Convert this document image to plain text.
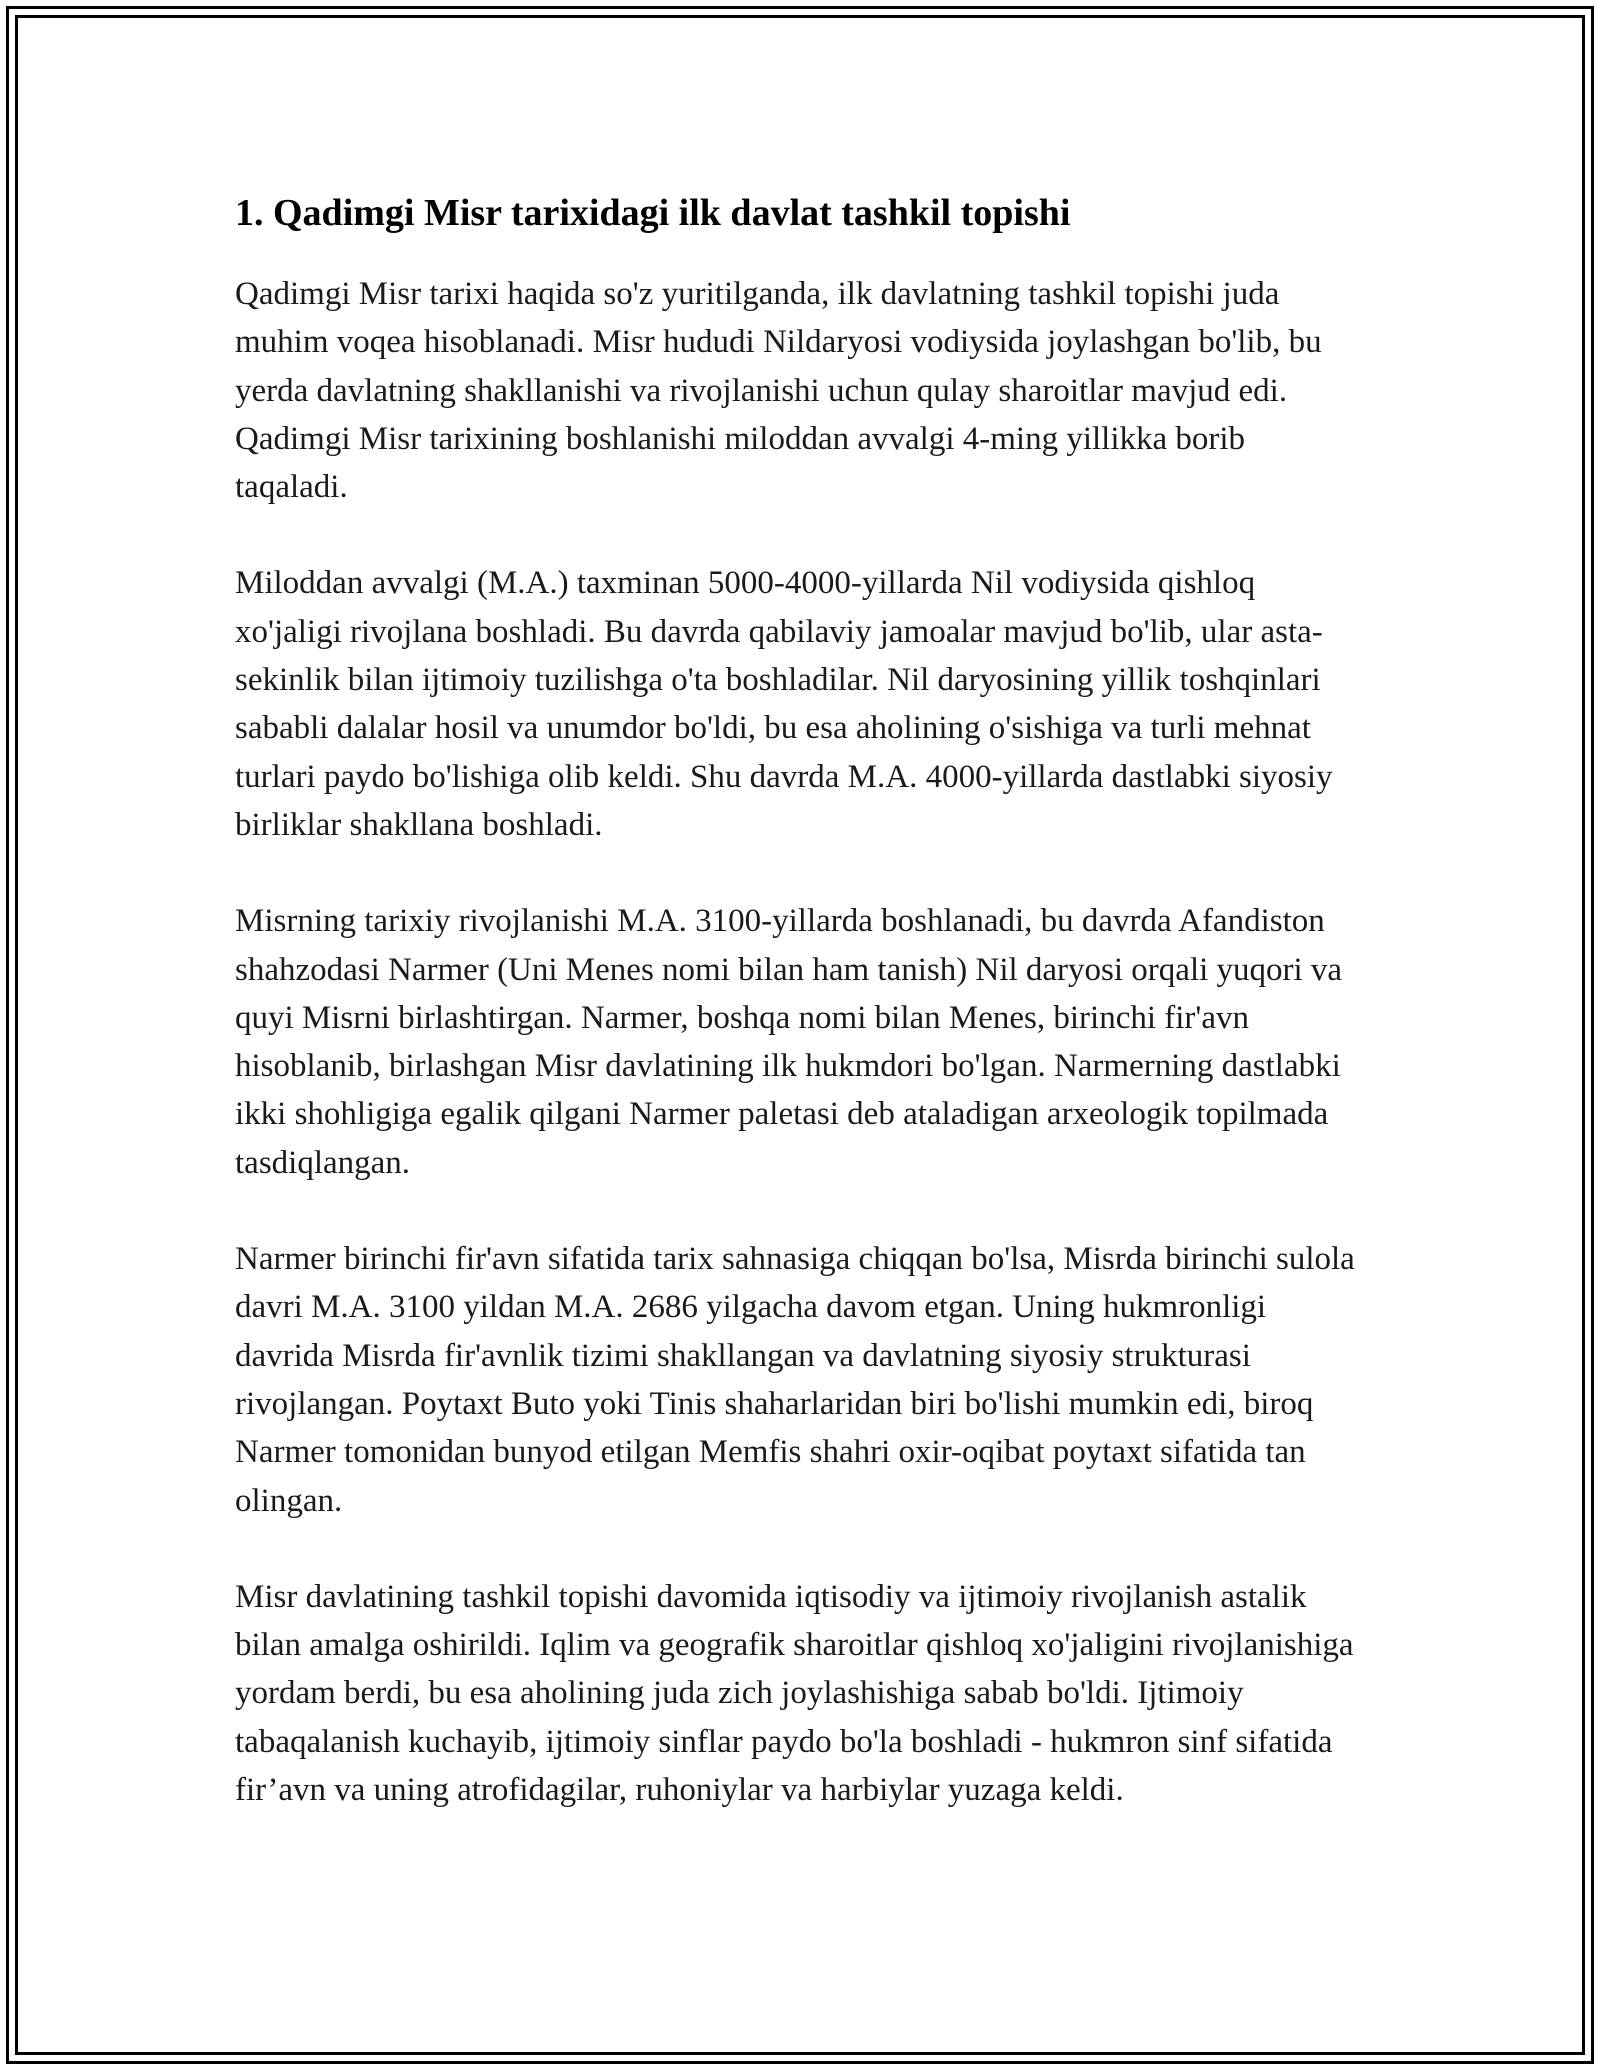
1. Qadimgi Misr tarixidagi ilk davlat tashkil topishi

Qadimgi Misr tarixi haqida so'z yuritilganda, ilk davlatning tashkil topishi juda muhim voqea hisoblanadi. Misr hududi Nildaryosi vodiysida joylashgan bo'lib, bu yerda davlatning shakllanishi va rivojlanishi uchun qulay sharoitlar mavjud edi. Qadimgi Misr tarixining boshlanishi miloddan avvalgi 4-ming yillikka borib taqaladi.

Miloddan avvalgi (M.A.) taxminan 5000-4000-yillarda Nil vodiysida qishloq xo'jaligi rivojlana boshladi. Bu davrda qabilaviy jamoalar mavjud bo'lib, ular asta-sekinlik bilan ijtimoiy tuzilishga o'ta boshladilar. Nil daryosining yillik toshqinlari sababli dalalar hosil va unumdor bo'ldi, bu esa aholining o'sishiga va turli mehnat turlari paydo bo'lishiga olib keldi. Shu davrda M.A. 4000-yillarda dastlabki siyosiy birliklar shakllana boshladi.

Misrning tarixiy rivojlanishi M.A. 3100-yillarda boshlanadi, bu davrda Afandiston shahzodasi Narmer (Uni Menes nomi bilan ham tanish) Nil daryosi orqali yuqori va quyi Misrni birlashtirgan. Narmer, boshqa nomi bilan Menes, birinchi fir'avn hisoblanib, birlashgan Misr davlatining ilk hukmdori bo'lgan. Narmerning dastlabki ikki shohligiga egalik qilgani Narmer paletasi deb ataladigan arxeologik topilmada tasdiqlangan.

Narmer birinchi fir'avn sifatida tarix sahnasiga chiqqan bo'lsa, Misrda birinchi sulola davri M.A. 3100 yildan M.A. 2686 yilgacha davom etgan. Uning hukmronligi davrida Misrda fir'avnlik tizimi shakllangan va davlatning siyosiy strukturasi rivojlangan. Poytaxt Buto yoki Tinis shaharlaridan biri bo'lishi mumkin edi, biroq Narmer tomonidan bunyod etilgan Memfis shahri oxir-oqibat poytaxt sifatida tan olingan.

Misr davlatining tashkil topishi davomida iqtisodiy va ijtimoiy rivojlanish astalik bilan amalga oshirildi. Iqlim va geografik sharoitlar qishloq xo'jaligini rivojlanishiga yordam berdi, bu esa aholining juda zich joylashishiga sabab bo'ldi. Ijtimoiy tabaqalanish kuchayib, ijtimoiy sinflar paydo bo'la boshladi - hukmron sinf sifatida fir’avn va uning atrofidagilar, ruhoniylar va harbiylar yuzaga keldi.
